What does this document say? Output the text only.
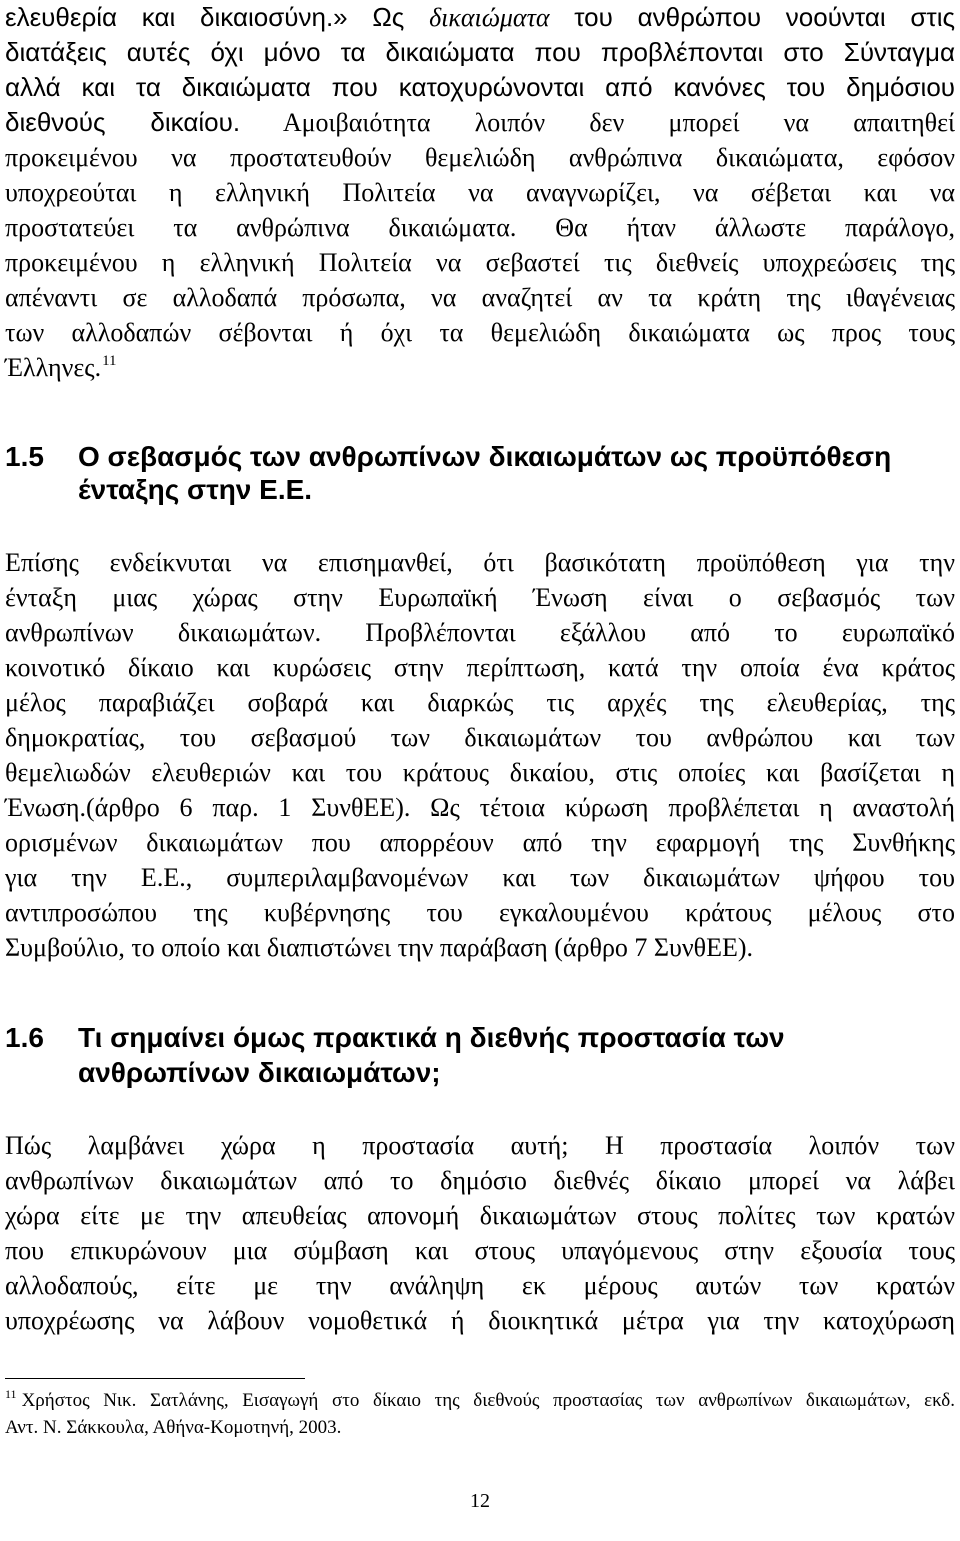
ελευθερία και δικαιοσύνη.» Ως δικαιώματα του ανθρώπου νοούνται στις
διατάξεις αυτές όχι μόνο τα δικαιώματα που προβλέπονται στο Σύνταγμα
αλλά και τα δικαιώματα που κατοχυρώνονται από κανόνες του δημόσιου
διεθνούς δικαίου. Αμοιβαιότητα λοιπόν δεν μπορεί να απαιτηθεί
προκειμένου να προστατευθούν θεμελιώδη ανθρώπινα δικαιώματα, εφόσον
υποχρεούται η ελληνική Πολιτεία να αναγνωρίζει, να σέβεται και να
προστατεύει τα ανθρώπινα δικαιώματα. Θα ήταν άλλωστε παράλογο,
προκειμένου η ελληνική Πολιτεία να σεβαστεί τις διεθνείς υποχρεώσεις της
απέναντι σε αλλοδαπά πρόσωπα, να αναζητεί αν τα κράτη της ιθαγένειας
των αλλοδαπών σέβονται ή όχι τα θεμελιώδη δικαιώματα ως προς τους
Έλληνες.$^{11}$
1.5 Ο σεβασμός των ανθρωπίνων δικαιωμάτων ως προϋπόθεση
ένταξης στην Ε.Ε.
Επίσης ενδείκνυται να επισημανθεί, ότι βασικότατη προϋπόθεση για την
ένταξη μιας χώρας στην Ευρωπαϊκή Ένωση είναι ο σεβασμός των
ανθρωπίνων δικαιωμάτων. Προβλέπονται εξάλλου από το ευρωπαϊκό
κοινοτικό δίκαιο και κυρώσεις στην περίπτωση, κατά την οποία ένα κράτος
μέλος παραβιάζει σοβαρά και διαρκώς τις αρχές της ελευθερίας, της
δημοκρατίας, του σεβασμού των δικαιωμάτων του ανθρώπου και των
θεμελιωδών ελευθεριών και του κράτους δικαίου, στις οποίες και βασίζεται η
Ένωση.(άρθρο 6 παρ. 1 ΣυνθΕΕ). Ως τέτοια κύρωση προβλέπεται η αναστολή
ορισμένων δικαιωμάτων που απορρέουν από την εφαρμογή της Συνθήκης
για την Ε.Ε., συμπεριλαμβανομένων και των δικαιωμάτων ψήφου του
αντιπροσώπου της κυβέρνησης του εγκαλουμένου κράτους μέλους στο
Συμβούλιο, το οποίο και διαπιστώνει την παράβαση (άρθρο 7 ΣυνθΕΕ).
1.6 Τι σημαίνει όμως πρακτικά η διεθνής προστασία των
ανθρωπίνων δικαιωμάτων;
Πώς λαμβάνει χώρα η προστασία αυτή; Η προστασία λοιπόν των
ανθρωπίνων δικαιωμάτων από το δημόσιο διεθνές δίκαιο μπορεί να λάβει
χώρα είτε με την απευθείας απονομή δικαιωμάτων στους πολίτες των κρατών
που επικυρώνουν μια σύμβαση και στους υπαγόμενους στην εξουσία τους
αλλοδαπούς, είτε με την ανάληψη εκ μέρους αυτών των κρατών
υποχρέωσης να λάβουν νομοθετικά ή διοικητικά μέτρα για την κατοχύρωση
$^{11}$ Χρήστος Νικ. Σατλάνης, Εισαγωγή στο δίκαιο της διεθνούς προστασίας των ανθρωπίνων δικαιωμάτων, εκδ.
Αντ. Ν. Σάκκουλα, Αθήνα-Κομοτηνή, 2003.
12
